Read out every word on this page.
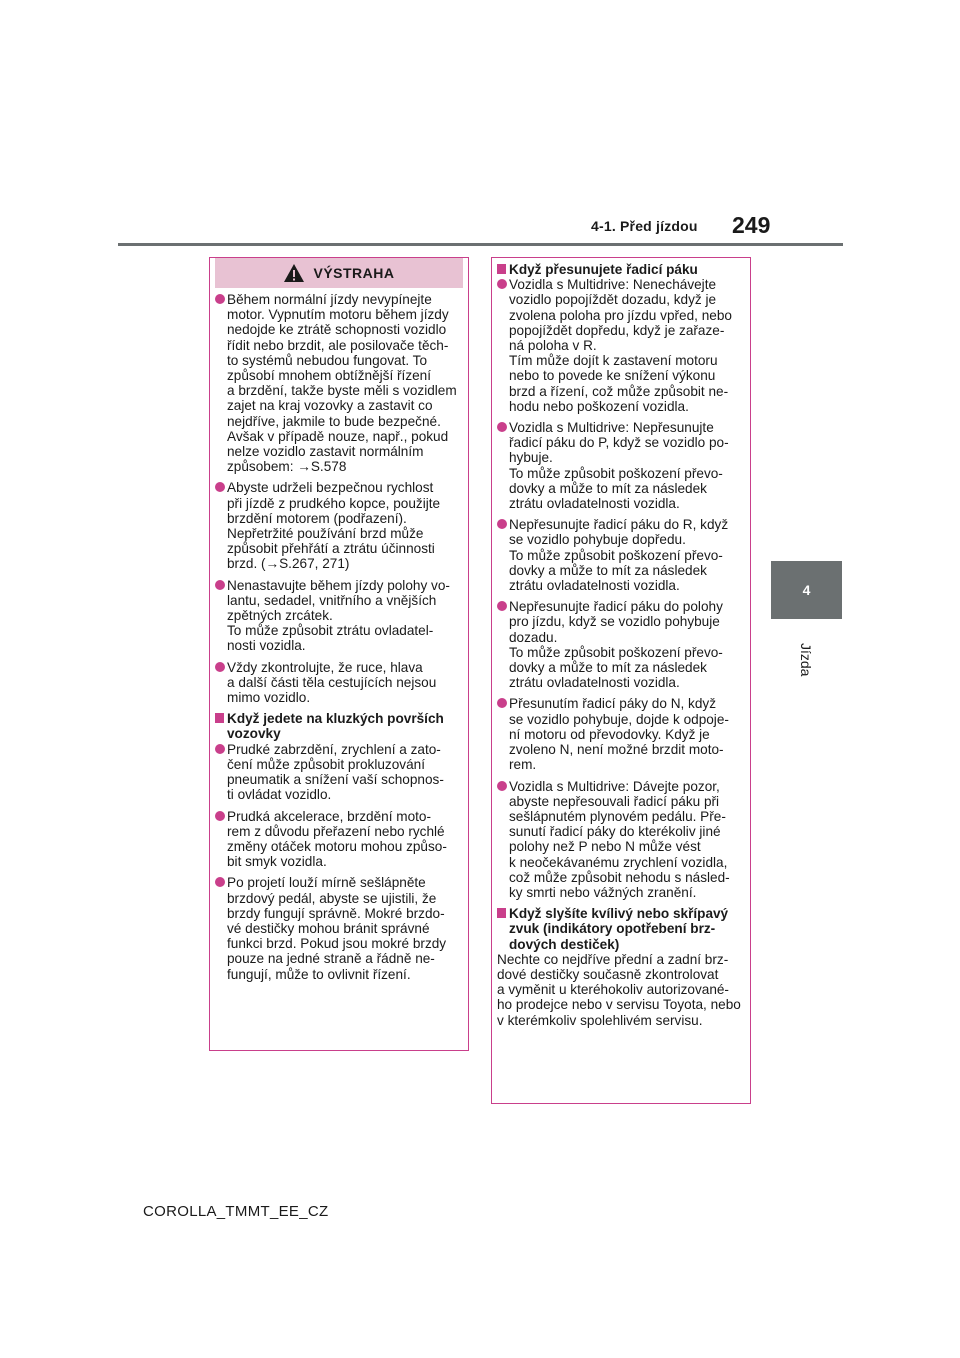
4-1. Před jízdou 249
4
Jízda
VÝSTRAHA
Během normální jízdy nevypínejte
motor. Vypnutím motoru během jízdy
nedojde ke ztrátě schopnosti vozidlo
řídit nebo brzdit, ale posilovače těch-
to systémů nebudou fungovat. To
způsobí mnohem obtížnější řízení
a brzdění, takže byste měli s vozidlem
zajet na kraj vozovky a zastavit co
nejdříve, jakmile to bude bezpečné.
Avšak v případě nouze, např., pokud
nelze vozidlo zastavit normálním
způsobem: →S.578
Abyste udrželi bezpečnou rychlost
při jízdě z prudkého kopce, použijte
brzdění motorem (podřazení).
Nepřetržité používání brzd může
způsobit přehřátí a ztrátu účinnosti
brzd. (→S.267, 271)
Nenastavujte během jízdy polohy vo-
lantu, sedadel, vnitřního a vnějších
zpětných zrcátek.
To může způsobit ztrátu ovladatel-
nosti vozidla.
Vždy zkontrolujte, že ruce, hlava
a další části těla cestujících nejsou
mimo vozidlo.
Když jedete na kluzkých površích
vozovky
Prudké zabrzdění, zrychlení a zato-
čení může způsobit prokluzování
pneumatik a snížení vaší schopnos-
ti ovládat vozidlo.
Prudká akcelerace, brzdění moto-
rem z důvodu přeřazení nebo rychlé
změny otáček motoru mohou způso-
bit smyk vozidla.
Po projetí louží mírně sešlápněte
brzdový pedál, abyste se ujistili, že
brzdy fungují správně. Mokré brzdo-
vé destičky mohou bránit správné
funkci brzd. Pokud jsou mokré brzdy
pouze na jedné straně a řádně ne-
fungují, může to ovlivnit řízení.
Když přesunujete řadicí páku
Vozidla s Multidrive: Nenechávejte
vozidlo popojíždět dozadu, když je
zvolena poloha pro jízdu vpřed, nebo
popojíždět dopředu, když je zařaze-
ná poloha v R.
Tím může dojít k zastavení motoru
nebo to povede ke snížení výkonu
brzd a řízení, což může způsobit ne-
hodu nebo poškození vozidla.
Vozidla s Multidrive: Nepřesunujte
řadicí páku do P, když se vozidlo po-
hybuje.
To může způsobit poškození převo-
dovky a může to mít za následek
ztrátu ovladatelnosti vozidla.
Nepřesunujte řadicí páku do R, když
se vozidlo pohybuje dopředu.
To může způsobit poškození převo-
dovky a může to mít za následek
ztrátu ovladatelnosti vozidla.
Nepřesunujte řadicí páku do polohy
pro jízdu, když se vozidlo pohybuje
dozadu.
To může způsobit poškození převo-
dovky a může to mít za následek
ztrátu ovladatelnosti vozidla.
Přesunutím řadicí páky do N, když
se vozidlo pohybuje, dojde k odpoje-
ní motoru od převodovky. Když je
zvoleno N, není možné brzdit moto-
rem.
Vozidla s Multidrive: Dávejte pozor,
abyste nepřesouvali řadicí páku při
sešlápnutém plynovém pedálu. Pře-
sunutí řadicí páky do kterékoliv jiné
polohy než P nebo N může vést
k neočekávanému zrychlení vozidla,
což může způsobit nehodu s násled-
ky smrti nebo vážných zranění.
Když slyšíte kvílivý nebo skřípavý
zvuk (indikátory opotřebení brz-
dových destiček)
Nechte co nejdříve přední a zadní brz-
dové destičky současně zkontrolovat
a vyměnit u kteréhokoliv autorizované-
ho prodejce nebo v servisu Toyota, nebo
v kterémkoliv spolehlivém servisu.
COROLLA_TMMT_EE_CZ
